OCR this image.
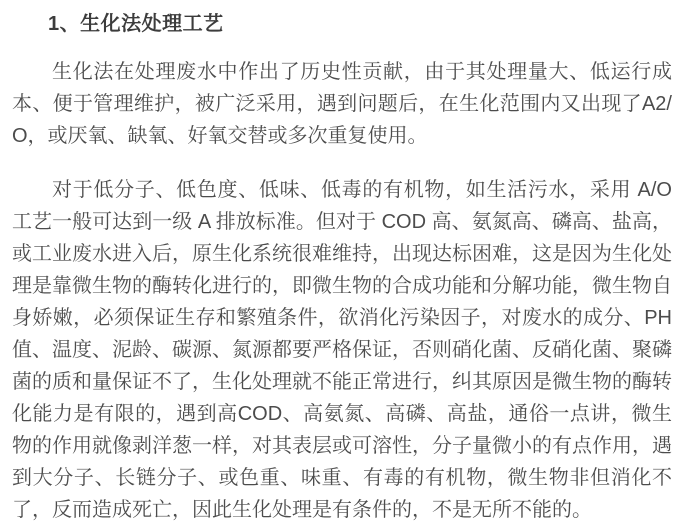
1、生化法处理工艺

生化法在处理废水中作出了历史性贡献，由于其处理量大、低运行成本、便于管理维护，被广泛采用，遇到问题后，在生化范围内又出现了A2/O，或厌氧、缺氧、好氧交替或多次重复使用。

对于低分子、低色度、低味、低毒的有机物，如生活污水，采用 A/O 工艺一般可达到一级 A 排放标准。但对于 COD 高、氨氮高、磷高、盐高，或工业废水进入后，原生化系统很难维持，出现达标困难，这是因为生化处理是靠微生物的酶转化进行的，即微生物的合成功能和分解功能，微生物自身娇嫩，必须保证生存和繁殖条件，欲消化污染因子，对废水的成分、PH值、温度、泥龄、碳源、氮源都要严格保证，否则硝化菌、反硝化菌、聚磷菌的质和量保证不了，生化处理就不能正常进行，纠其原因是微生物的酶转化能力是有限的，遇到高COD、高氨氮、高磷、高盐，通俗一点讲，微生物的作用就像剥洋葱一样，对其表层或可溶性，分子量微小的有点作用，遇到大分子、长链分子、或色重、味重、有毒的有机物，微生物非但消化不了，反而造成死亡，因此生化处理是有条件的，不是无所不能的。
